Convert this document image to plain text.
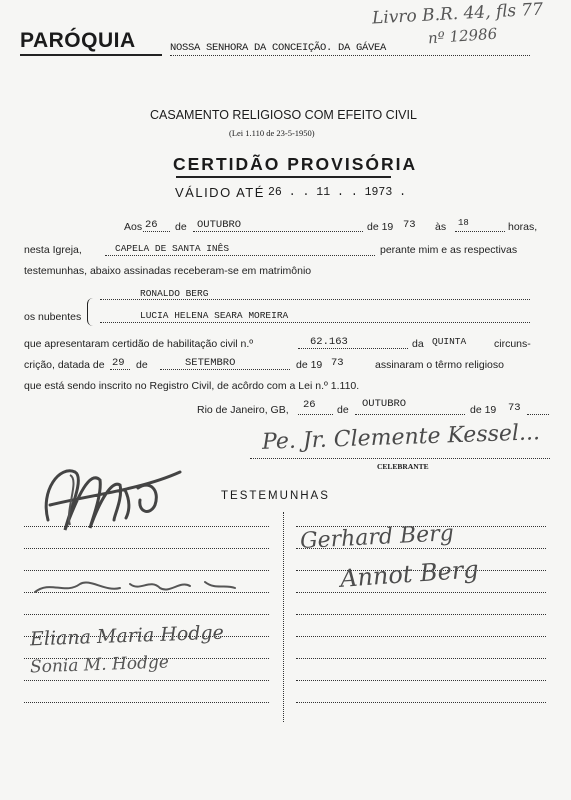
Livro B.R. 44, fls 77
nº 12986
PARÓQUIA	NOSSA SENHORA DA CONCEIÇÃO. DA GÁVEA
CASAMENTO RELIGIOSO COM EFEITO CIVIL
(Lei 1.110 de 23-5-1950)
CERTIDÃO PROVISÓRIA
VÁLIDO ATÉ 26 . . 11 . . 1973 .
Aos 26 de OUTUBRO	de 19 73 às 18	horas,
nesta Igreja,	CAPELA DE SANTA INÊS	perante mim e as respectivas
testemunhas, abaixo assinadas receberam-se em matrimônio
RONALDO BERG
os nubentes	LUCIA HELENA SEARA MOREIRA
que apresentaram certidão de habilitação civil n.º	62.163	da QUINTA	circuns-
crição, datada de 29 de	SETEMBRO	de 19 73	assinaram o têrmo religioso
que está sendo inscrito no Registro Civil, de acôrdo com a Lei n.º 1.110.
Rio de Janeiro, GB, 26 de OUTUBRO	de 19 73
Pe. Jr. Clemente Kessel...
CELEBRANTE
TESTEMUNHAS
Gerhard Berg
Annot Berg
Eliana Maria Hodge
Sonia M. Hodge
